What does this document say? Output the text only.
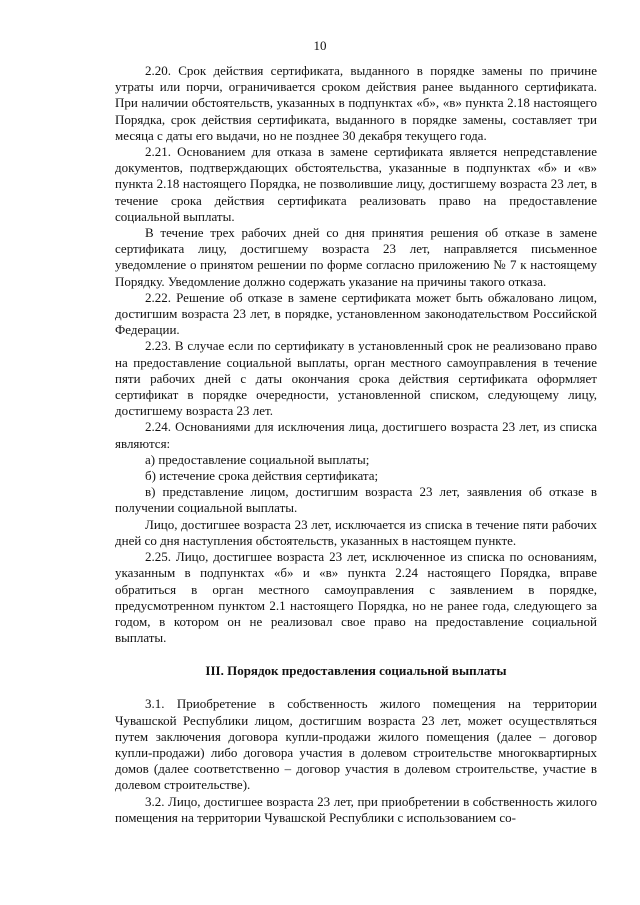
10

2.20. Срок действия сертификата, выданного в порядке замены по причине утраты или порчи, ограничивается сроком действия ранее выданного сертификата. При наличии обстоятельств, указанных в подпунктах «б», «в» пункта 2.18 настоящего Порядка, срок действия сертификата, выданного в порядке замены, составляет три месяца с даты его выдачи, но не позднее 30 декабря текущего года.

2.21. Основанием для отказа в замене сертификата является непредставление документов, подтверждающих обстоятельства, указанные в подпунктах «б» и «в» пункта 2.18 настоящего Порядка, не позволившие лицу, достигшему возраста 23 лет, в течение срока действия сертификата реализовать право на предоставление социальной выплаты.

В течение трех рабочих дней со дня принятия решения об отказе в замене сертификата лицу, достигшему возраста 23 лет, направляется письменное уведомление о принятом решении по форме согласно приложению № 7 к настоящему Порядку. Уведомление должно содержать указание на причины такого отказа.

2.22. Решение об отказе в замене сертификата может быть обжаловано лицом, достигшим возраста 23 лет, в порядке, установленном законодательством Российской Федерации.

2.23. В случае если по сертификату в установленный срок не реализовано право на предоставление социальной выплаты, орган местного самоуправления в течение пяти рабочих дней с даты окончания срока действия сертификата оформляет сертификат в порядке очередности, установленной списком, следующему лицу, достигшему возраста 23 лет.

2.24. Основаниями для исключения лица, достигшего возраста 23 лет, из списка являются:

а) предоставление социальной выплаты;

б) истечение срока действия сертификата;

в) представление лицом, достигшим возраста 23 лет, заявления об отказе в получении социальной выплаты.

Лицо, достигшее возраста 23 лет, исключается из списка в течение пяти рабочих дней со дня наступления обстоятельств, указанных в настоящем пункте.

2.25. Лицо, достигшее возраста 23 лет, исключенное из списка по основаниям, указанным в подпунктах «б» и «в» пункта 2.24 настоящего Порядка, вправе обратиться в орган местного самоуправления с заявлением в порядке, предусмотренном пунктом 2.1 настоящего Порядка, но не ранее года, следующего за годом, в котором он не реализовал свое право на предоставление социальной выплаты.

III. Порядок предоставления социальной выплаты

3.1. Приобретение в собственность жилого помещения на территории Чувашской Республики лицом, достигшим возраста 23 лет, может осуществляться путем заключения договора купли-продажи жилого помещения (далее – договор купли-продажи) либо договора участия в долевом строительстве многоквартирных домов (далее соответственно – договор участия в долевом строительстве, участие в долевом строительстве).

3.2. Лицо, достигшее возраста 23 лет, при приобретении в собственность жилого помещения на территории Чувашской Республики с использованием со-
